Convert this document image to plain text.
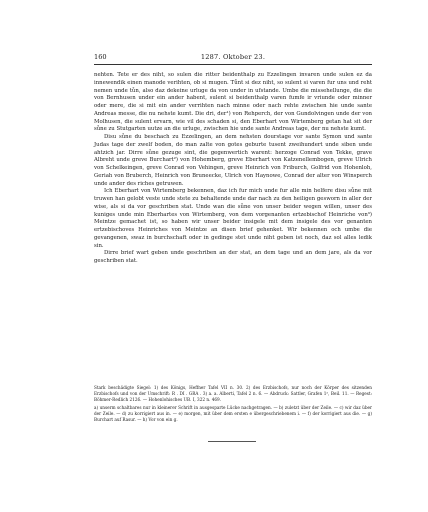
160	1287. Oktober 23.

nehten. Tete er des niht, so sulen die ritter beidenthalp zu Ezzelingen invaren unde sulen ez da innewendik einen manode verihten, ob si mugen. Tůnt si dez niht, so sulent si varen fur uns und reht nemen unde tůn, also daz dekeine urluge da von under in ufstande. Umbe die missehellunge, die die von Bernhusen under ein ander habent, sulent si beidenthalp varen fumfe ir vriunde oder minner oder mere, die si mit ein ander verrihten nach minne oder nach rehte zwischen hie unde sante Andreas messe, die nu nehste kumt. Die dri, der¹) von Rehperch, der von Gundolvingen unde der von Molhusen, die sulent ervarn, wie vil des schaden si, den Eberhart von Wirtemberg getan hat sit der sůne zu Stutgarten uutze an die urluge, zwischen hie unde sante Andreas tage, der nu nehste kumt.

Disu sůne du beschach zu Ezzelingen, an dem nehsten dourstage vor sante Symon und sante Judas tage der zwelf boden, do man zalte von gotes geburte tusent zweihundert unde siben unde ahtzich jar. Dirre sůne gezuge sint, die gegenwertich warent: herzoge Conrad von Tekke, grave Albreht unde greve Burchart²) von Hohemberg, greve Eberhart von Katzenellembogen, greve Ulrich von Schelkeingen, greve Conrad von Vehingen, greve Heinrich von Friburch, Golfrid von Hohenloh, Geriah von Bruberch, Heinrich von Bruneecke, Ulrich von Haynowe, Conrad der alter von Winsperch unde ander des riches getruwen.

Ich Eberhart von Wirtemberg bekennen, daz ich fur mich unde fur alle min helfere disu sůne mit truwen han gelobt veste unde stete zu behaltende unde dar nach zu den heiligen gesworn in aller der wise, als si da vor geschriben stat. Unde wan die sůne von unser beider wegen willen, unser des kuniges unde min Eberhartes von Wirtemberg, von dem vorgenanten ertzebischof Heinriche von³) Meintze gemachet ist, so haben wir unser beider insigele mit dem insigele des vor genanten ertzebischoves Heinriches von Meintze an disen brief gehenket. Wir bekennen och umbe die gevangenen, swaz in burchschaft oder in gedinge stet unde niht geben ist noch, daz sol alles ledik sin.

Dirre brief wart geben unde geschriben an der stat, an dem tage und an dem jare, als da vor geschriben stat.

Stark beschädigte Siegel: 1) des Königs, Heffner Tafel VII n. 30. 2) des Erzbischofs, nur noch der Körper des sitzenden Erzbischofs und von der Umschrift: R . DI . GRA . 3) a. a. Alberti, Tafel 2 n. 6. — Abdruck: Sattler, Grafen 1², Beil. 11. — Regest: Böhmer-Redlich 2126. — Hohenlohisches UB. I, 322 n. 469.

a) unserm schaltbares nur in kleinerer Schrift in ausgesparte Lücke nachgetragen. — b) zuletzt über der Zeile. — c) wir daz über der Zeile. — d) zu korrigiert aus in. — e) morgen, mit über dem ersten e übergeschriebenem i. — f) der korrigiert aus die. — g) Burchart auf Rasur. — h) Vor von ein g.
